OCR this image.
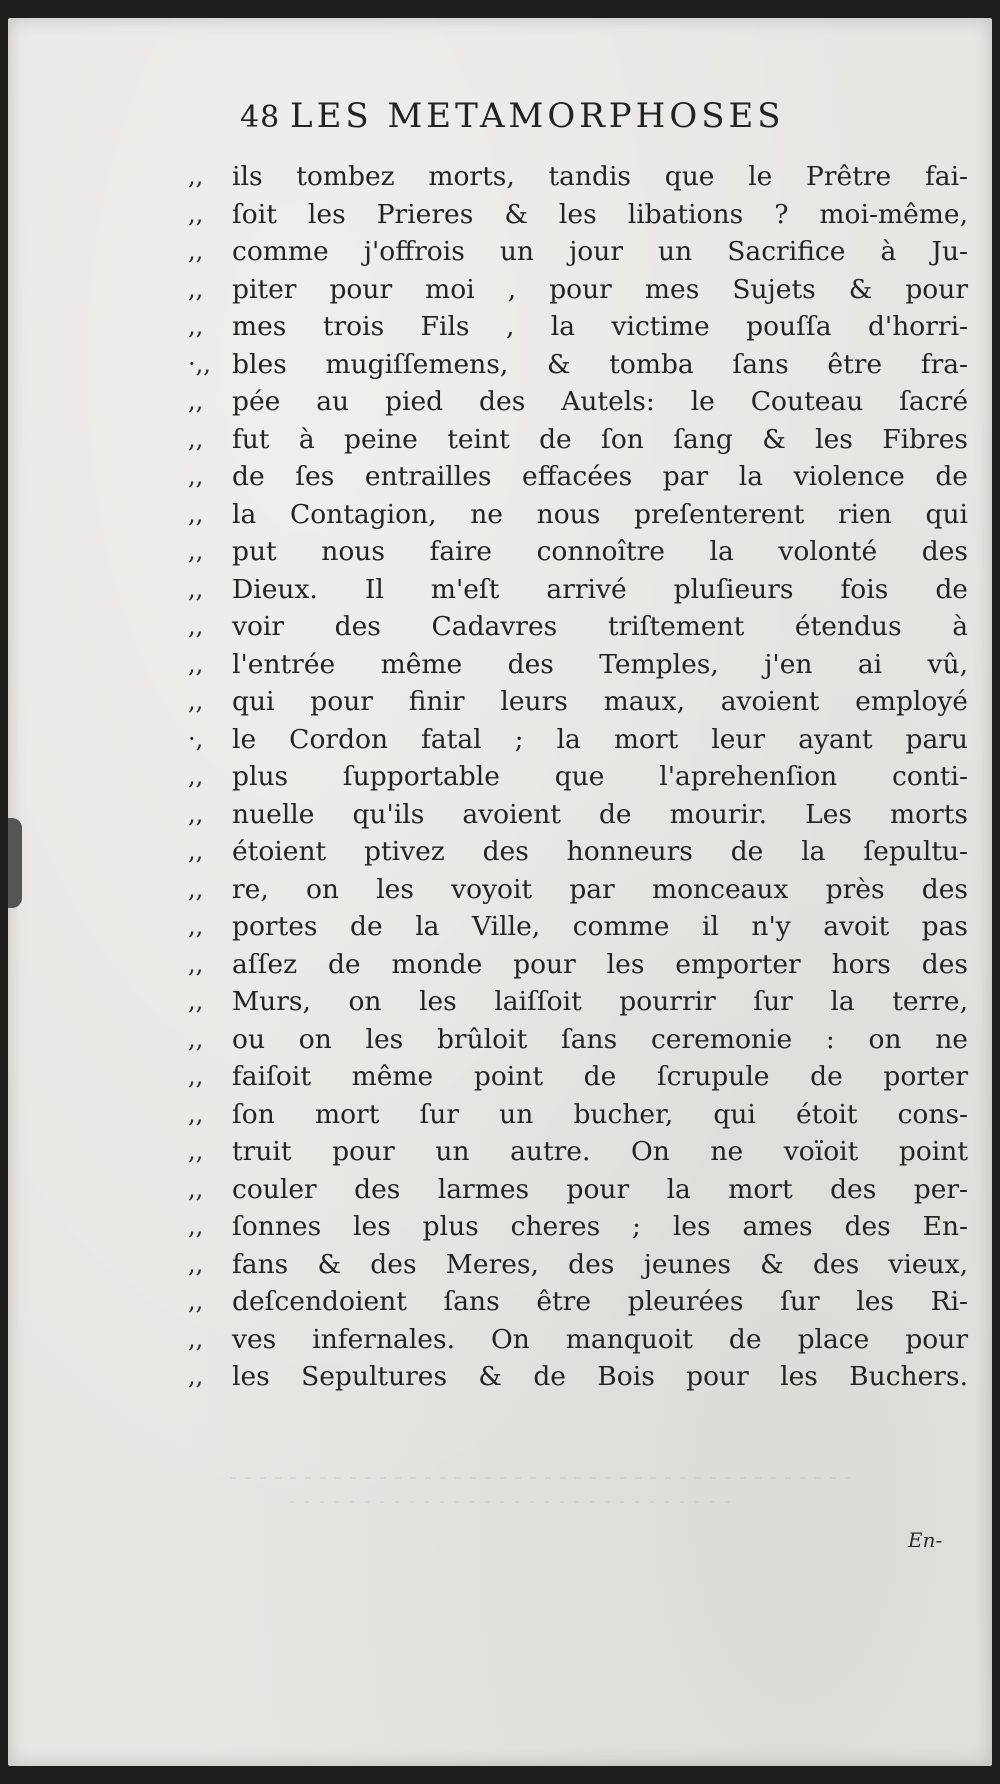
48 LES METAMORPHOSES
,,	ils tombez morts, tandis que le Prêtre fai-
,,	ſoit les Prieres & les libations ? moi-même,
,,	comme j'offrois un jour un Sacrifice à Ju-
,,	piter pour moi , pour mes Sujets & pour
,,	mes trois Fils , la victime pouſſa d'horri-
·,, bles mugiſſemens, & tomba ſans être fra-
,,	pée au pied des Autels: le Couteau ſacré
,,	fut à peine teint de ſon ſang & les Fibres
,,	de ſes entrailles effacées par la violence de
,,	la Contagion, ne nous preſenterent rien qui
,,	put nous faire connoître la volonté des
,,	Dieux. Il m'eſt arrivé pluſieurs fois de
,,	voir des Cadavres triſtement étendus à
,,	l'entrée même des Temples, j'en ai vû,
,,	qui pour finir leurs maux, avoient employé
·,	le Cordon fatal ; la mort leur ayant paru
,,	plus ſupportable que l'aprehenſion conti-
,,	nuelle qu'ils avoient de mourir. Les morts
,,	étoient ptivez des honneurs de la ſepultu-
,,	re, on les voyoit par monceaux près des
,,	portes de la Ville, comme il n'y avoit pas
,,	aſſez de monde pour les emporter hors des
,,	Murs, on les laiſſoit pourrir ſur la terre,
,,	ou on les brûloit ſans ceremonie : on ne
,,	faiſoit même point de ſcrupule de porter
,,	ſon mort ſur un bucher, qui étoit cons-
,,	truit pour un autre. On ne voïoit point
,,	couler des larmes pour la mort des per-
,,	ſonnes les plus cheres ; les ames des En-
,,	fans & des Meres, des jeunes & des vieux,
,,	deſcendoient ſans être pleurées ſur les Ri-
,,	ves infernales. On manquoit de place pour
,,	les Sepultures & de Bois pour les Buchers.
En-
